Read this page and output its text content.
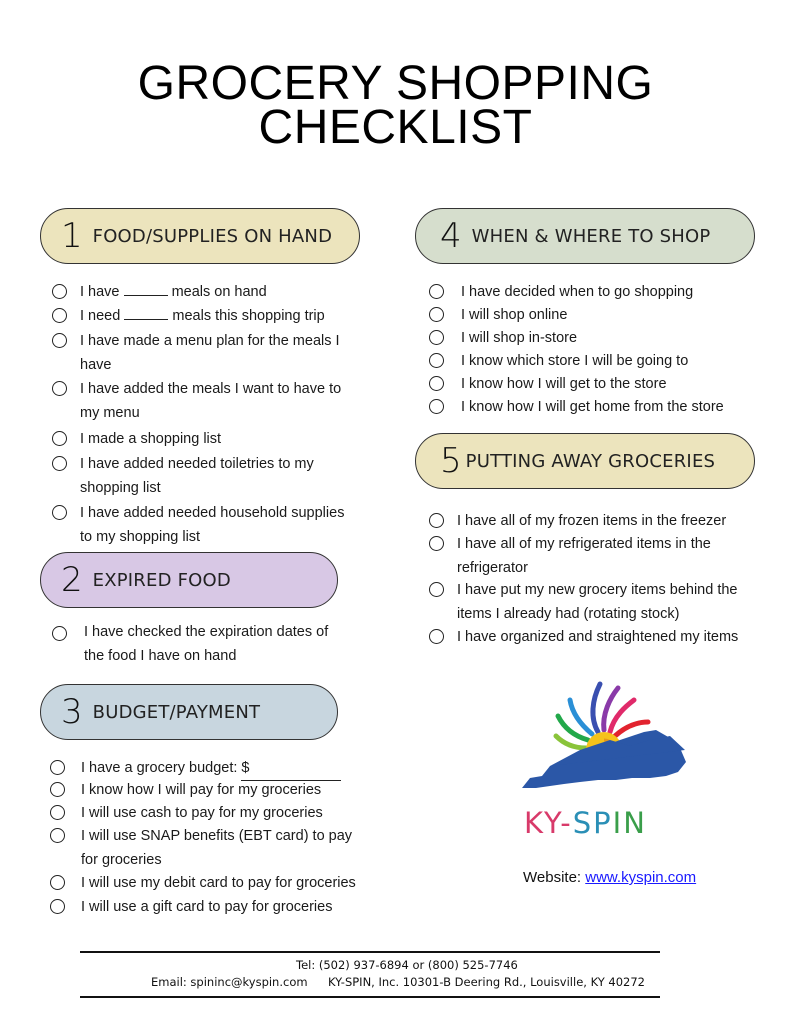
GROCERY SHOPPING
CHECKLIST
1 FOOD/SUPPLIES ON HAND
I have	meals on hand
I need	meals this shopping trip
I have made a menu plan for the meals I
have
I have added the meals I want to have to
my menu
I made a shopping list
I have added needed toiletries to my
shopping list
I have added needed household supplies
to my shopping list
2 EXPIRED FOOD
I have checked the expiration dates of
the food I have on hand
3 BUDGET/PAYMENT
I have a grocery budget: $
I know how I will pay for my groceries
I will use cash to pay for my groceries
I will use SNAP benefits (EBT card) to pay
for groceries
I will use my debit card to pay for groceries
I will use a gift card to pay for groceries
4 WHEN & WHERE TO SHOP
I have decided when to go shopping
I will shop online
I will shop in-store
I know which store I will be going to
I know how I will get to the store
I know how I will get home from the store
5 PUTTING AWAY GROCERIES
I have all of my frozen items in the freezer
I have all of my refrigerated items in the
refrigerator
I have put my new grocery items behind the
items I already had (rotating stock)
I have organized and straightened my items
KY-SPIN
Website: www.kyspin.com
Tel: (502) 937-6894 or (800) 525-7746
Email: spininc@kyspin.com KY-SPIN, Inc. 10301-B Deering Rd., Louisville, KY 40272
